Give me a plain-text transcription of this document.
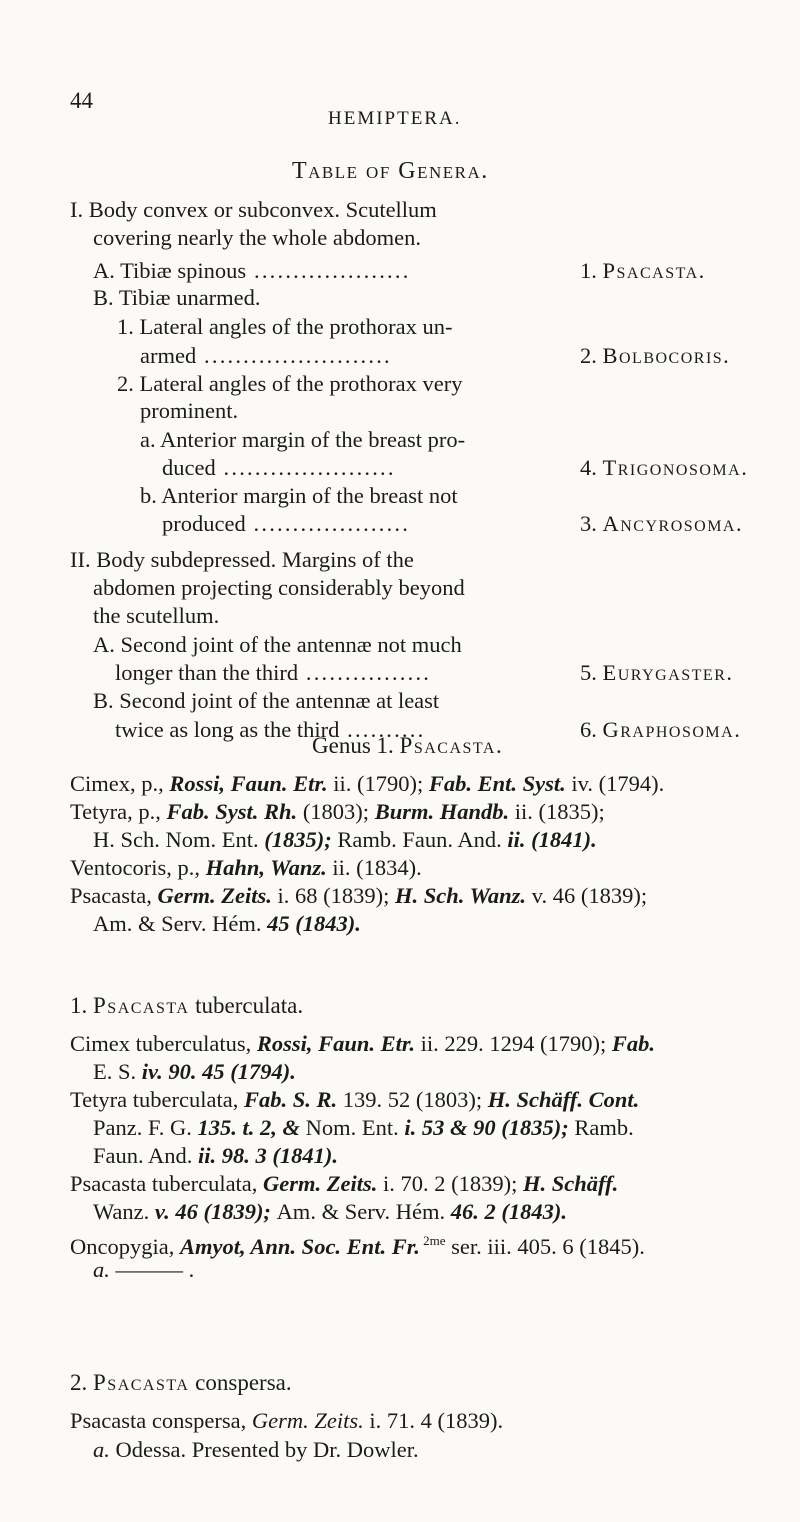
44
HEMIPTERA.
Table of Genera.
I. Body convex or subconvex. Scutellum
covering nearly the whole abdomen.
A. Tibiæ spinous ....................	1. Psacasta.
B. Tibiæ unarmed.
1. Lateral angles of the prothorax un-
armed ........................	2. Bolbocoris.
2. Lateral angles of the prothorax very
prominent.
a. Anterior margin of the breast pro-
duced ......................	4. Trigonosoma.
b. Anterior margin of the breast not
produced ....................	3. Ancyrosoma.
II. Body subdepressed. Margins of the
abdomen projecting considerably beyond
the scutellum.
A. Second joint of the antennæ not much
longer than the third ................	5. Eurygaster.
B. Second joint of the antennæ at least
twice as long as the third ..........	6. Graphosoma.
Genus 1. Psacasta.
Cimex, p., Rossi, Faun. Etr. ii. (1790); Fab. Ent. Syst. iv. (1794).
Tetyra, p., Fab. Syst. Rh. (1803); Burm. Handb. ii. (1835);
H. Sch. Nom. Ent. (1835); Ramb. Faun. And. ii. (1841).
Ventocoris, p., Hahn, Wanz. ii. (1834).
Psacasta, Germ. Zeits. i. 68 (1839); H. Sch. Wanz. v. 46 (1839);
Am. & Serv. Hém. 45 (1843).
1. Psacasta tuberculata.
Cimex tuberculatus, Rossi, Faun. Etr. ii. 229. 1294 (1790); Fab.
E. S. iv. 90. 45 (1794).
Tetyra tuberculata, Fab. S. R. 139. 52 (1803); H. Schäff. Cont.
Panz. F. G. 135. t. 2, & Nom. Ent. i. 53 & 90 (1835); Ramb.
Faun. And. ii. 98. 3 (1841).
Psacasta tuberculata, Germ. Zeits. i. 70. 2 (1839); H. Schäff.
Wanz. v. 46 (1839); Am. & Serv. Hém. 46. 2 (1843).
Oncopygia, Amyot, Ann. Soc. Ent. Fr. $^{2me}$ ser. iii. 405. 6 (1845).
a. ——— .
2. Psacasta conspersa.
Psacasta conspersa, Germ. Zeits. i. 71. 4 (1839).
a. Odessa. Presented by Dr. Dowler.
